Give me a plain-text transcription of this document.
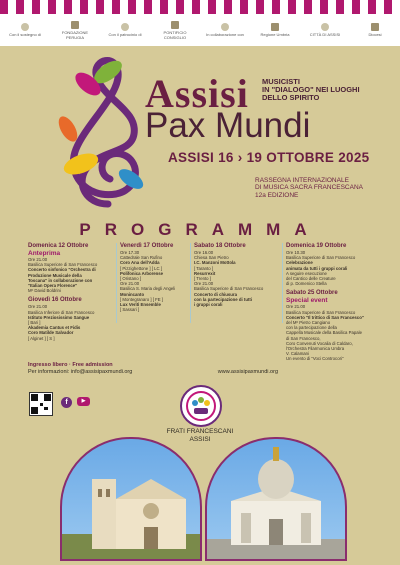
Con il sostegno di	FONDAZIONE PERUGIA	Con il patrocinio di	PONTIFICIO CONSIGLIO	In collaborazione con	Regione Umbria	CITTÀ DI ASSISI	Diocesi
Assisi
Pax Mundi
MUSICISTI
IN "DIALOGO" NEI LUOGHI
DELLO SPIRITO
ASSISI 16 › 19 OTTOBRE 2025
RASSEGNA INTERNAZIONALE
DI MUSICA SACRA FRANCESCANA
12a EDIZIONE
PROGRAMMA
Domenica 12 Ottobre
Anteprima
Ore 21.00
Basilica Superiore di San Francesco
Concerto sinfonico "Orchestra di
Produzione Musicale della
Toscana" in collaborazione con
"Italian Opera Florence"
Mº David Boldrini
Giovedì 16 Ottobre
Ore 21.00
Basilica Inferiore di San Francesco
Istituto Preziosissimo Sangue
[ Bari ]
Akademia Cantus et Fidis
Coro Matilde Salvador
[ Alginet ] [ S ]
Venerdì 17 Ottobre
Ore 17.30
Cattedrale San Rufino
Coro Ana dell'Adda
[ Pizzighettone ] [ LC ]
Polifonica Arborense
[ Oristano ]
Ore 21.00
Basilica S. Maria degli Angeli
Monincanto
[ Montegranaro ] [ FE ]
Lux Veritì Ensemble
[ Sassari ]
Sabato 18 Ottobre
Ore 16.00
Chiesa San Pietro
I.C. Manzoni Mottola
[ Taranto ]
Resurrexit
[ Trento ]
Ore 21.00
Basilica Superiore di San Francesco
Concerto di chiusura
con la partecipazione di tutti
i gruppi corali
Domenica 19 Ottobre
Ore 10.30
Basilica Superiore di San Francesco
Celebrazione
animata da tutti i gruppi corali
A seguire esecuzione
del Cantico delle Creature
di p. Domenico Stella
Sabato 25 Ottobre
Special event
Ore 21.00
Basilica Superiore di San Francesco
Concerto "Il trittico di San Francesco"
del Mº Pietro Cangiano
con la partecipazione della
Cappella Musicale della Basilica Papale
di San Francesco,
Coro Convenuti Vocalia di Caldaro,
l'Orchestra Filarmonica Umbra
V. Calamani
Un evento di "Voci Controcori"
Ingresso libero · Free admission
Per informazioni: info@assisipaxmundi.org	www.assisipaxmundi.org
f	▶
FRATI FRANCESCANI
ASSISI
